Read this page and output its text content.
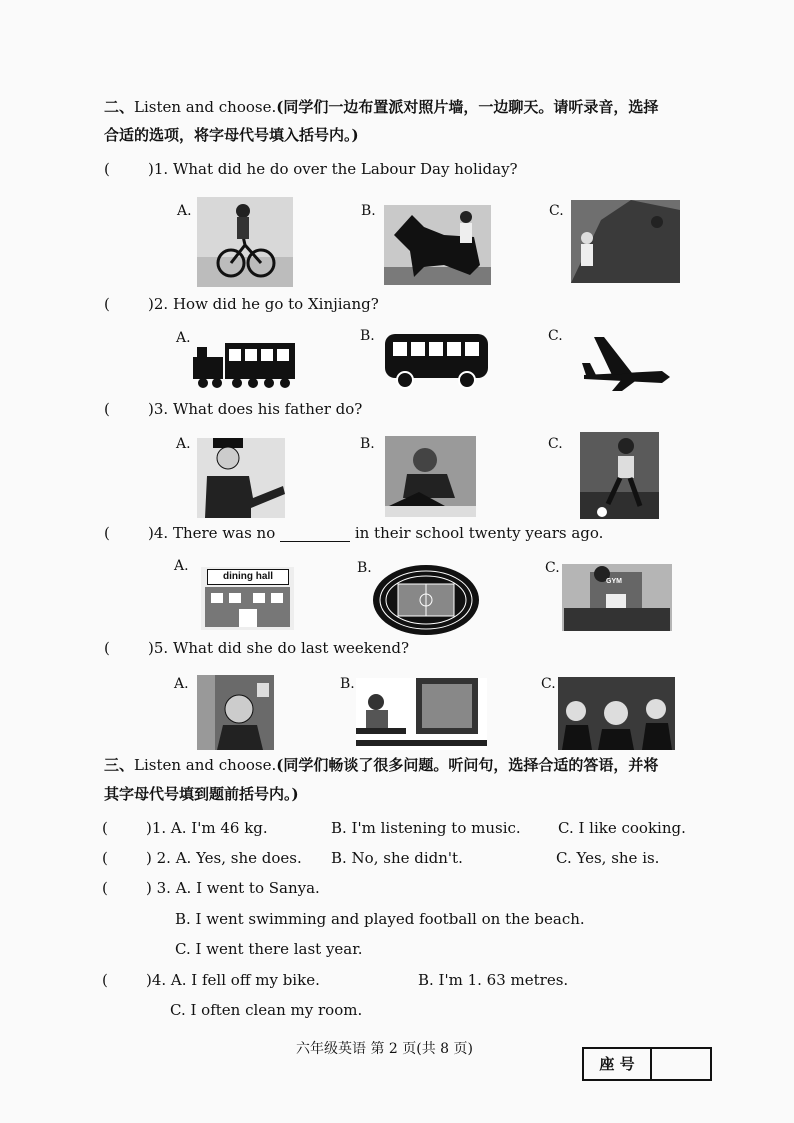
二、Listen and choose.(同学们一边布置派对照片墙，一边聊天。请听录音，选择
合适的选项，将字母代号填入括号内。)
(	)1. What did he do over the Labour Day holiday?
A.	B.	C.
(	)2. How did he go to Xinjiang?
A.	B.	C.
(	)3. What does his father do?
A.	B.	C.
(	)4. There was no	in their school twenty years ago.
A.	B.	C.
dining hall	GYM
(	)5. What did she do last weekend?
A.	B.	C.
三、Listen and choose.(同学们畅谈了很多问题。听问句，选择合适的答语，并将
其字母代号填到题前括号内。)
(	)1. A. I'm 46 kg.	B. I'm listening to music. C. I like cooking.
(	) 2. A. Yes, she does. B. No, she didn't.	C. Yes, she is.
(	) 3. A. I went to Sanya.
B. I went swimming and played football on the beach.
C. I went there last year.
(	)4. A. I fell off my bike.	B. I'm 1. 63 metres.
C. I often clean my room.
六年级英语 第 2 页(共 8 页)
座 号
